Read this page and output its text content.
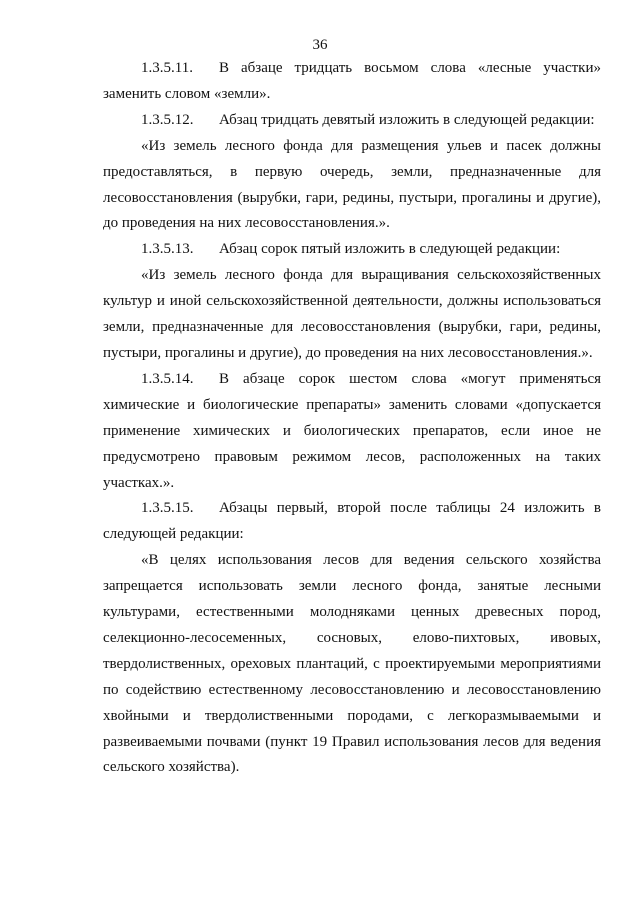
36

1.3.5.11. В абзаце тридцать восьмом слова «лесные участки» заменить словом «земли».

1.3.5.12. Абзац тридцать девятый изложить в следующей редакции:

«Из земель лесного фонда для размещения ульев и пасек должны предоставляться, в первую очередь, земли, предназначенные для лесовосстановления (вырубки, гари, редины, пустыри, прогалины и другие), до проведения на них лесовосстановления.».

1.3.5.13. Абзац сорок пятый изложить в следующей редакции:

«Из земель лесного фонда для выращивания сельскохозяйственных культур и иной сельскохозяйственной деятельности, должны использоваться земли, предназначенные для лесовосстановления (вырубки, гари, редины, пустыри, прогалины и другие), до проведения на них лесовосстановления.».

1.3.5.14. В абзаце сорок шестом слова «могут применяться химические и биологические препараты» заменить словами «допускается применение химических и биологических препаратов, если иное не предусмотрено правовым режимом лесов, расположенных на таких участках.».

1.3.5.15. Абзацы первый, второй после таблицы 24 изложить в следующей редакции:

«В целях использования лесов для ведения сельского хозяйства запрещается использовать земли лесного фонда, занятые лесными культурами, естественными молодняками ценных древесных пород, селекционно-лесосеменных, сосновых, елово-пихтовых, ивовых, твердолиственных, ореховых плантаций, с проектируемыми мероприятиями по содействию естественному лесовосстановлению и лесовосстановлению хвойными и твердолиственными породами, с легкоразмываемыми и развеиваемыми почвами (пункт 19 Правил использования лесов для ведения сельского хозяйства).
